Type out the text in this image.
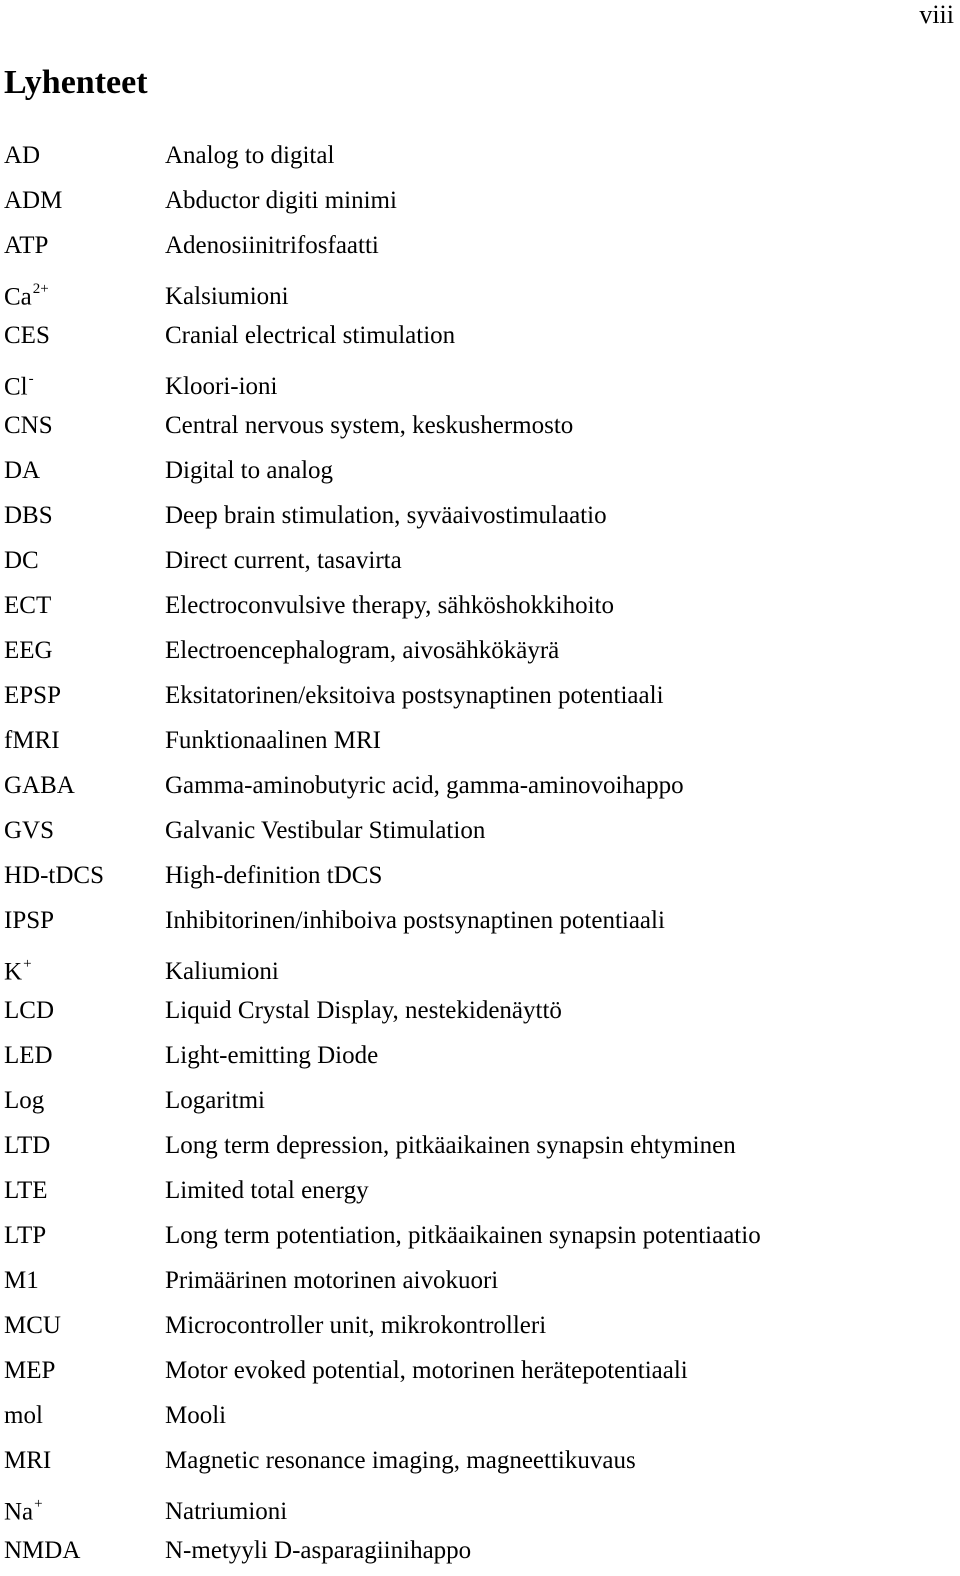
viii
Lyhenteet
AD	Analog to digital
ADM	Abductor digiti minimi
ATP	Adenosiinitrifosfaatti
$Ca^{2+}$	Kalsiumioni
CES	Cranial electrical stimulation
Cl-	Kloori-ioni
CNS	Central nervous system, keskushermosto
DA	Digital to analog
DBS	Deep brain stimulation, syväaivostimulaatio
DC	Direct current, tasavirta
ECT	Electroconvulsive therapy, sähköshokkihoito
EEG	Electroencephalogram, aivosähkökäyrä
EPSP	Eksitatorinen/eksitoiva postsynaptinen potentiaali
fMRI	Funktionaalinen MRI
GABA	Gamma-aminobutyric acid, gamma-aminovoihappo
GVS	Galvanic Vestibular Stimulation
HD-tDCS	High-definition tDCS
IPSP	Inhibitorinen/inhiboiva postsynaptinen potentiaali
K+	Kaliumioni
LCD	Liquid Crystal Display, nestekidenäyttö
LED	Light-emitting Diode
Log	Logaritmi
LTD	Long term depression, pitkäaikainen synapsin ehtyminen
LTE	Limited total energy
LTP	Long term potentiation, pitkäaikainen synapsin potentiaatio
M1	Primäärinen motorinen aivokuori
MCU	Microcontroller unit, mikrokontrolleri
MEP	Motor evoked potential, motorinen herätepotentiaali
mol	Mooli
MRI	Magnetic resonance imaging, magneettikuvaus
Na+	Natriumioni
NMDA	N-metyyli D-asparagiinihappo
